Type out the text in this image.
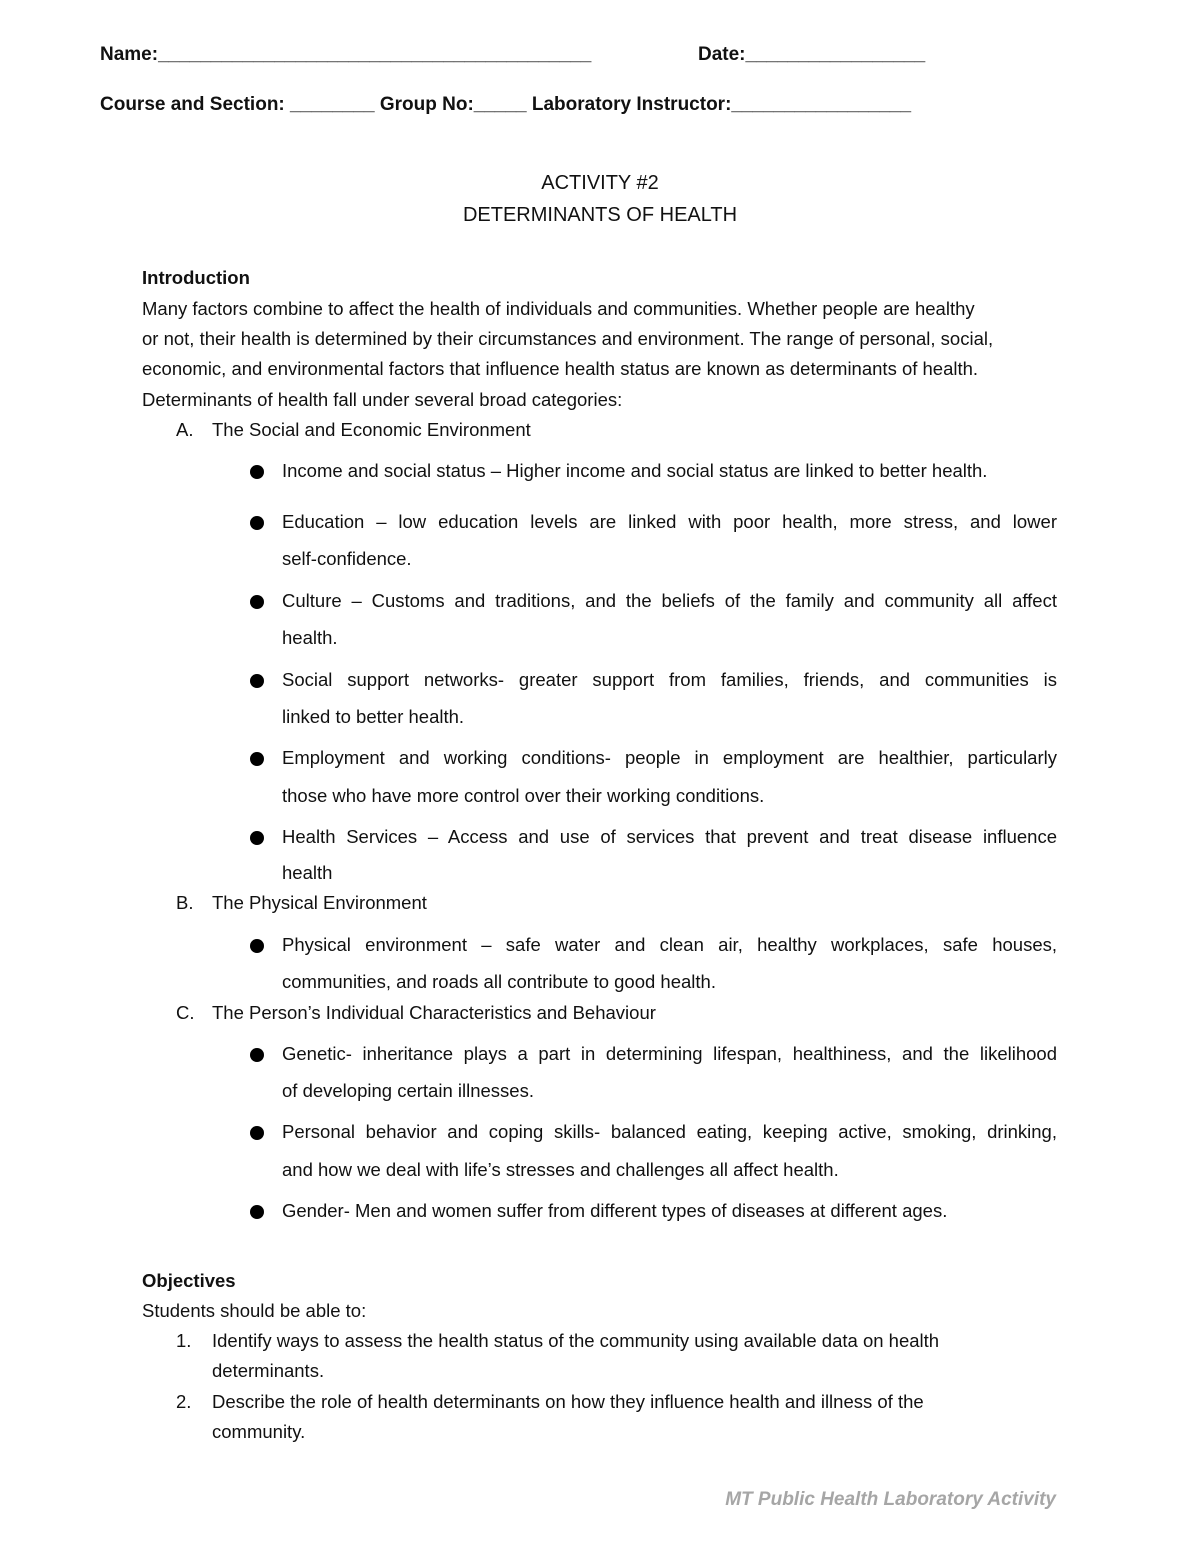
Name:_________________________________________	Date:_________________
Course and Section: ________ Group No:_____ Laboratory Instructor:_________________
ACTIVITY #2
DETERMINANTS OF HEALTH
Introduction
Many factors combine to affect the health of individuals and communities. Whether people are healthy
or not, their health is determined by their circumstances and environment. The range of personal, social,
economic, and environmental factors that influence health status are known as determinants of health.
Determinants of health fall under several broad categories:
A. The Social and Economic Environment
Income and social status – Higher income and social status are linked to better health.
Education – low education levels are linked with poor health, more stress, and lower
self-confidence.
Culture – Customs and traditions, and the beliefs of the family and community all affect
health.
Social support networks- greater support from families, friends, and communities is
linked to better health.
Employment and working conditions- people in employment are healthier, particularly
those who have more control over their working conditions.
Health Services – Access and use of services that prevent and treat disease influence
health
B. The Physical Environment
Physical environment – safe water and clean air, healthy workplaces, safe houses,
communities, and roads all contribute to good health.
C. The Person’s Individual Characteristics and Behaviour
Genetic- inheritance plays a part in determining lifespan, healthiness, and the likelihood
of developing certain illnesses.
Personal behavior and coping skills- balanced eating, keeping active, smoking, drinking,
and how we deal with life’s stresses and challenges all affect health.
Gender- Men and women suffer from different types of diseases at different ages.
Objectives
Students should be able to:
1. Identify ways to assess the health status of the community using available data on health
determinants.
2. Describe the role of health determinants on how they influence health and illness of the
community.
MT Public Health Laboratory Activity
